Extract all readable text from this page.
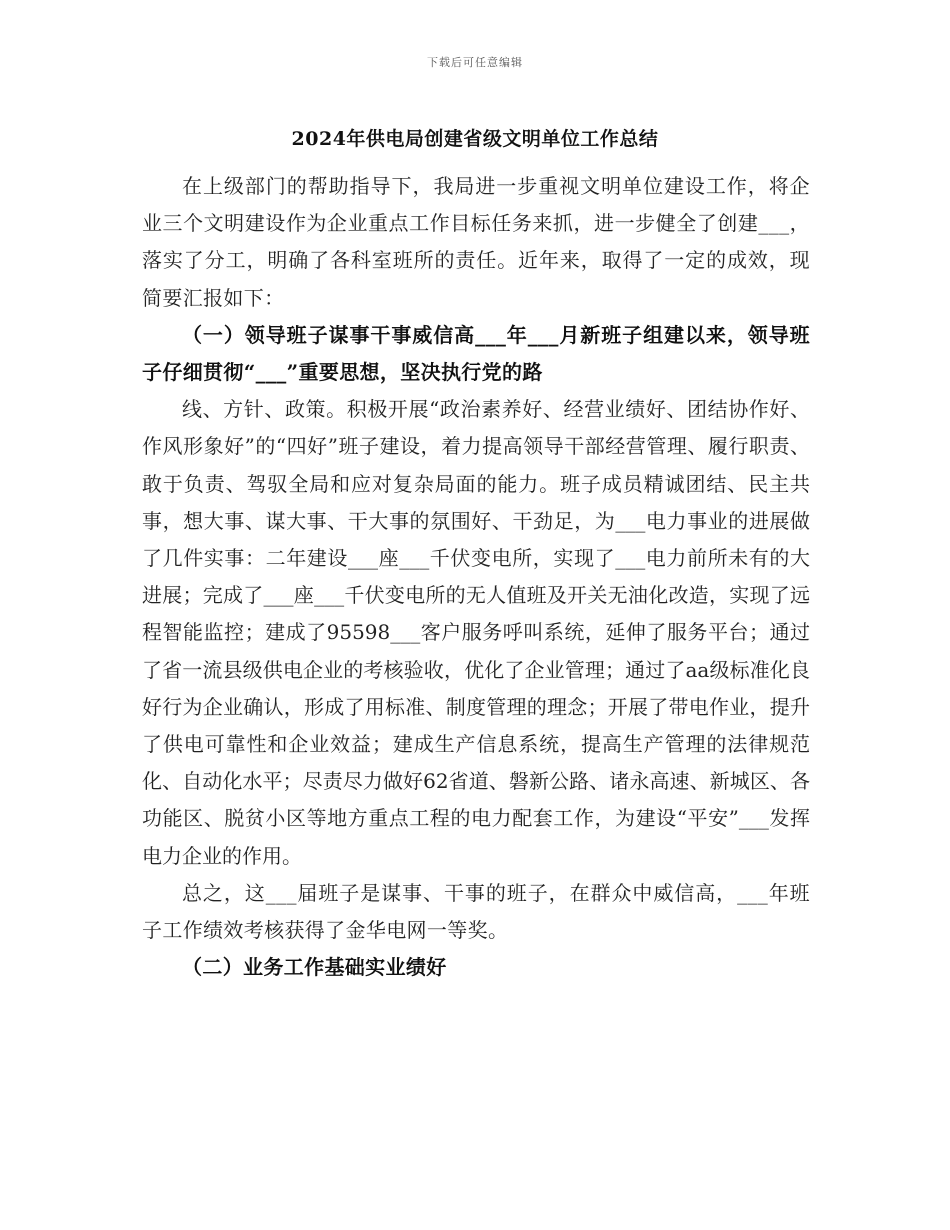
下载后可任意编辑
2024年供电局创建省级文明单位工作总结

在上级部门的帮助指导下，我局进一步重视文明单位建设工作，将企业三个文明建设作为企业重点工作目标任务来抓，进一步健全了创建___，落实了分工，明确了各科室班所的责任。近年来，取得了一定的成效，现简要汇报如下：

（一）领导班子谋事干事威信高___年___月新班子组建以来，领导班子仔细贯彻“___”重要思想，坚决执行党的路

线、方针、政策。积极开展“政治素养好、经营业绩好、团结协作好、作风形象好”的“四好”班子建设，着力提高领导干部经营管理、履行职责、敢于负责、驾驭全局和应对复杂局面的能力。班子成员精诚团结、民主共事，想大事、谋大事、干大事的氛围好、干劲足，为___电力事业的进展做了几件实事：二年建设___座___千伏变电所，实现了___电力前所未有的大进展；完成了___座___千伏变电所的无人值班及开关无油化改造，实现了远程智能监控；建成了95598___客户服务呼叫系统，延伸了服务平台；通过了省一流县级供电企业的考核验收，优化了企业管理；通过了aa级标准化良好行为企业确认，形成了用标准、制度管理的理念；开展了带电作业，提升了供电可靠性和企业效益；建成生产信息系统，提高生产管理的法律规范化、自动化水平；尽责尽力做好62省道、磐新公路、诸永高速、新城区、各功能区、脱贫小区等地方重点工程的电力配套工作，为建设“平安”___发挥电力企业的作用。

总之，这___届班子是谋事、干事的班子，在群众中威信高，___年班子工作绩效考核获得了金华电网一等奖。

（二）业务工作基础实业绩好
